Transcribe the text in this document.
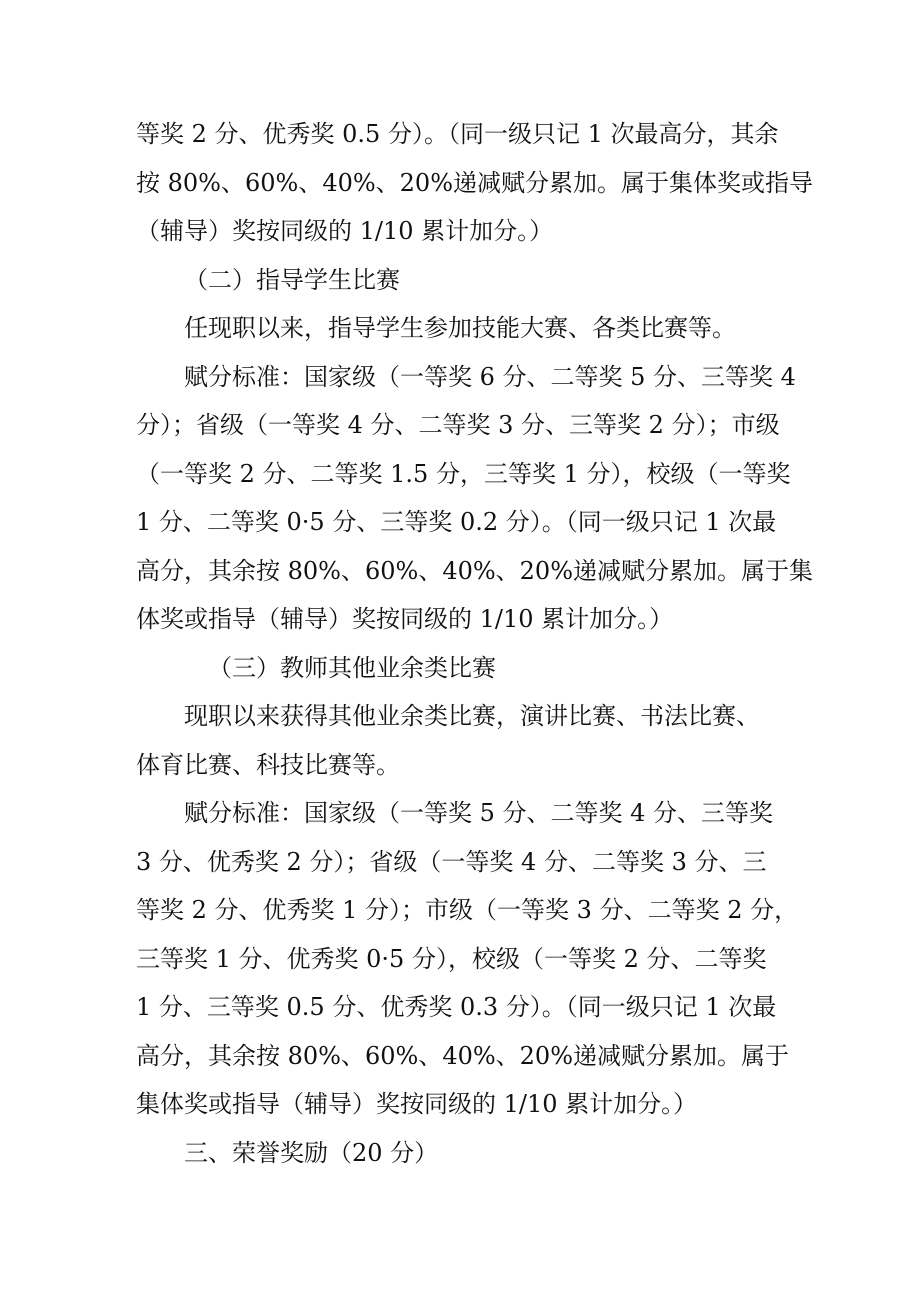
等奖 2 分、优秀奖 0.5 分）。（同一级只记 1 次最高分，其余
按 80%、60%、40%、20%递减赋分累加。属于集体奖或指导
（辅导）奖按同级的 1/10 累计加分。）
（二）指导学生比赛
任现职以来，指导学生参加技能大赛、各类比赛等。
赋分标准：国家级（一等奖 6 分、二等奖 5 分、三等奖 4
分）；省级（一等奖 4 分、二等奖 3 分、三等奖 2 分）；市级
（一等奖 2 分、二等奖 1.5 分，三等奖 1 分），校级（一等奖
1 分、二等奖 0·5 分、三等奖 0.2 分）。（同一级只记 1 次最
高分，其余按 80%、60%、40%、20%递减赋分累加。属于集
体奖或指导（辅导）奖按同级的 1/10 累计加分。）
（三）教师其他业余类比赛
现职以来获得其他业余类比赛，演讲比赛、书法比赛、
体育比赛、科技比赛等。
赋分标准：国家级（一等奖 5 分、二等奖 4 分、三等奖
3 分、优秀奖 2 分）；省级（一等奖 4 分、二等奖 3 分、三
等奖 2 分、优秀奖 1 分）；市级（一等奖 3 分、二等奖 2 分，
三等奖 1 分、优秀奖 0·5 分），校级（一等奖 2 分、二等奖
1 分、三等奖 0.5 分、优秀奖 0.3 分）。（同一级只记 1 次最
高分，其余按 80%、60%、40%、20%递减赋分累加。属于
集体奖或指导（辅导）奖按同级的 1/10 累计加分。）
三、荣誉奖励（20 分）
